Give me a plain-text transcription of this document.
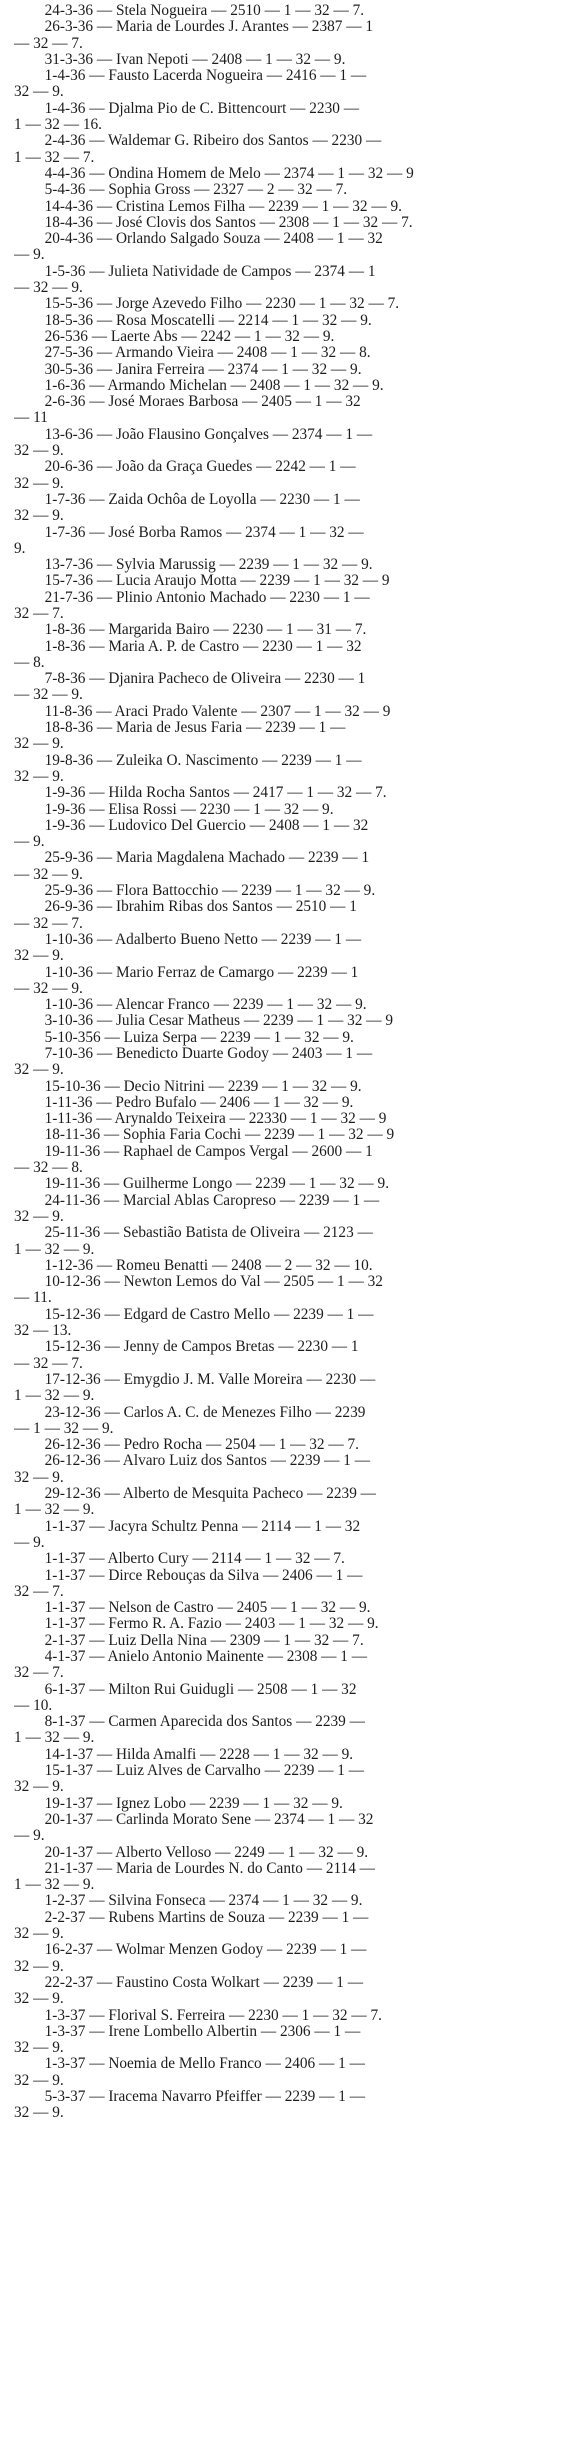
24-3-36 — Stela Nogueira — 2510 — 1 — 32 — 7.
26-3-36 — Maria de Lourdes J. Arantes — 2387 — 1
— 32 — 7.
31-3-36 — Ivan Nepoti — 2408 — 1 — 32 — 9.
1-4-36 — Fausto Lacerda Nogueira — 2416 — 1 —
32 — 9.
1-4-36 — Djalma Pio de C. Bittencourt — 2230 —
1 — 32 — 16.
2-4-36 — Waldemar G. Ribeiro dos Santos — 2230 —
1 — 32 — 7.
4-4-36 — Ondina Homem de Melo — 2374 — 1 — 32 — 9
5-4-36 — Sophia Gross — 2327 — 2 — 32 — 7.
14-4-36 — Cristina Lemos Filha — 2239 — 1 — 32 — 9.
18-4-36 — José Clovis dos Santos — 2308 — 1 — 32 — 7.
20-4-36 — Orlando Salgado Souza — 2408 — 1 — 32
— 9.
1-5-36 — Julieta Natividade de Campos — 2374 — 1
— 32 — 9.
15-5-36 — Jorge Azevedo Filho — 2230 — 1 — 32 — 7.
18-5-36 — Rosa Moscatelli — 2214 — 1 — 32 — 9.
26-536 — Laerte Abs — 2242 — 1 — 32 — 9.
27-5-36 — Armando Vieira — 2408 — 1 — 32 — 8.
30-5-36 — Janira Ferreira — 2374 — 1 — 32 — 9.
1-6-36 — Armando Michelan — 2408 — 1 — 32 — 9.
2-6-36 — José Moraes Barbosa — 2405 — 1 — 32
— 11
13-6-36 — João Flausino Gonçalves — 2374 — 1 —
32 — 9.
20-6-36 — João da Graça Guedes — 2242 — 1 —
32 — 9.
1-7-36 — Zaida Ochôa de Loyolla — 2230 — 1 —
32 — 9.
1-7-36 — José Borba Ramos — 2374 — 1 — 32 —
9.
13-7-36 — Sylvia Marussig — 2239 — 1 — 32 — 9.
15-7-36 — Lucia Araujo Motta — 2239 — 1 — 32 — 9
21-7-36 — Plinio Antonio Machado — 2230 — 1 —
32 — 7.
1-8-36 — Margarida Bairo — 2230 — 1 — 31 — 7.
1-8-36 — Maria A. P. de Castro — 2230 — 1 — 32
— 8.
7-8-36 — Djanira Pacheco de Oliveira — 2230 — 1
— 32 — 9.
11-8-36 — Araci Prado Valente — 2307 — 1 — 32 — 9
18-8-36 — Maria de Jesus Faria — 2239 — 1 —
32 — 9.
19-8-36 — Zuleika O. Nascimento — 2239 — 1 —
32 — 9.
1-9-36 — Hilda Rocha Santos — 2417 — 1 — 32 — 7.
1-9-36 — Elisa Rossi — 2230 — 1 — 32 — 9.
1-9-36 — Ludovico Del Guercio — 2408 — 1 — 32
— 9.
25-9-36 — Maria Magdalena Machado — 2239 — 1
— 32 — 9.
25-9-36 — Flora Battocchio — 2239 — 1 — 32 — 9.
26-9-36 — Ibrahim Ribas dos Santos — 2510 — 1
— 32 — 7.
1-10-36 — Adalberto Bueno Netto — 2239 — 1 —
32 — 9.
1-10-36 — Mario Ferraz de Camargo — 2239 — 1
— 32 — 9.
1-10-36 — Alencar Franco — 2239 — 1 — 32 — 9.
3-10-36 — Julia Cesar Matheus — 2239 — 1 — 32 — 9
5-10-356 — Luiza Serpa — 2239 — 1 — 32 — 9.
7-10-36 — Benedicto Duarte Godoy — 2403 — 1 —
32 — 9.
15-10-36 — Decio Nitrini — 2239 — 1 — 32 — 9.
1-11-36 — Pedro Bufalo — 2406 — 1 — 32 — 9.
1-11-36 — Arynaldo Teixeira — 22330 — 1 — 32 — 9
18-11-36 — Sophia Faria Cochi — 2239 — 1 — 32 — 9
19-11-36 — Raphael de Campos Vergal — 2600 — 1
— 32 — 8.
19-11-36 — Guilherme Longo — 2239 — 1 — 32 — 9.
24-11-36 — Marcial Ablas Caropreso — 2239 — 1 —
32 — 9.
25-11-36 — Sebastião Batista de Oliveira — 2123 —
1 — 32 — 9.
1-12-36 — Romeu Benatti — 2408 — 2 — 32 — 10.
10-12-36 — Newton Lemos do Val — 2505 — 1 — 32
— 11.
15-12-36 — Edgard de Castro Mello — 2239 — 1 —
32 — 13.
15-12-36 — Jenny de Campos Bretas — 2230 — 1
— 32 — 7.
17-12-36 — Emygdio J. M. Valle Moreira — 2230 —
1 — 32 — 9.
23-12-36 — Carlos A. C. de Menezes Filho — 2239
— 1 — 32 — 9.
26-12-36 — Pedro Rocha — 2504 — 1 — 32 — 7.
26-12-36 — Alvaro Luiz dos Santos — 2239 — 1 —
32 — 9.
29-12-36 — Alberto de Mesquita Pacheco — 2239 —
1 — 32 — 9.
1-1-37 — Jacyra Schultz Penna — 2114 — 1 — 32
— 9.
1-1-37 — Alberto Cury — 2114 — 1 — 32 — 7.
1-1-37 — Dirce Rebouças da Silva — 2406 — 1 —
32 — 7.
1-1-37 — Nelson de Castro — 2405 — 1 — 32 — 9.
1-1-37 — Fermo R. A. Fazio — 2403 — 1 — 32 — 9.
2-1-37 — Luiz Della Nina — 2309 — 1 — 32 — 7.
4-1-37 — Anielo Antonio Mainente — 2308 — 1 —
32 — 7.
6-1-37 — Milton Rui Guidugli — 2508 — 1 — 32
— 10.
8-1-37 — Carmen Aparecida dos Santos — 2239 —
1 — 32 — 9.
14-1-37 — Hilda Amalfi — 2228 — 1 — 32 — 9.
15-1-37 — Luiz Alves de Carvalho — 2239 — 1 —
32 — 9.
19-1-37 — Ignez Lobo — 2239 — 1 — 32 — 9.
20-1-37 — Carlinda Morato Sene — 2374 — 1 — 32
— 9.
20-1-37 — Alberto Velloso — 2249 — 1 — 32 — 9.
21-1-37 — Maria de Lourdes N. do Canto — 2114 —
1 — 32 — 9.
1-2-37 — Silvina Fonseca — 2374 — 1 — 32 — 9.
2-2-37 — Rubens Martins de Souza — 2239 — 1 —
32 — 9.
16-2-37 — Wolmar Menzen Godoy — 2239 — 1 —
32 — 9.
22-2-37 — Faustino Costa Wolkart — 2239 — 1 —
32 — 9.
1-3-37 — Florival S. Ferreira — 2230 — 1 — 32 — 7.
1-3-37 — Irene Lombello Albertin — 2306 — 1 —
32 — 9.
1-3-37 — Noemia de Mello Franco — 2406 — 1 —
32 — 9.
5-3-37 — Iracema Navarro Pfeiffer — 2239 — 1 —
32 — 9.
